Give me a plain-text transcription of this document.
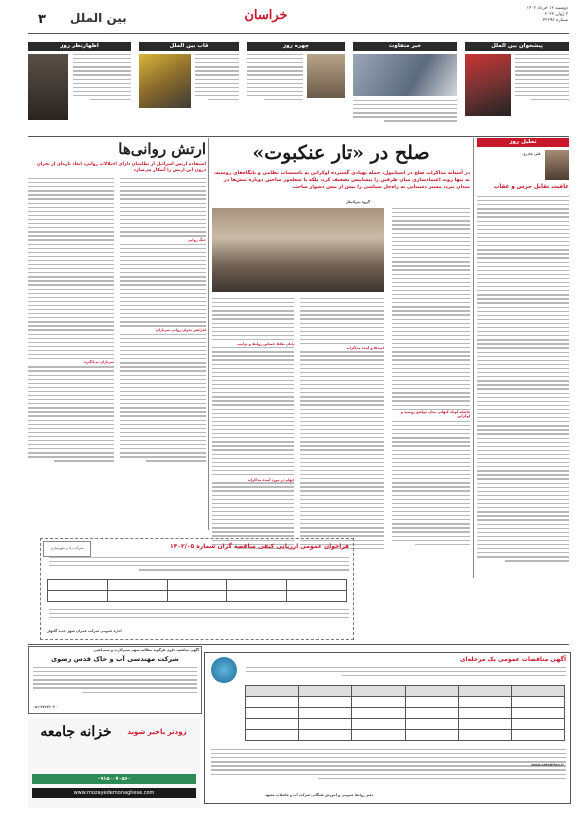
۳ بین الملل	خراسان	دوشنبه ۱۲ خرداد ۱۴۰۲
۲ ژوئن ۲۰۲۳
شماره ۴۲۶۹۸
پیشخوان بین الملل
خبر متفاوت
چهره روز
قاب بین الملل
اظهارنظر روز
تحلیل روز
علی قادری
عاقبت تقابل خرس و عقاب
صلح در «تار عنکبوت»
در آستانه مذاکرات صلح در استانبول، حمله پهپادی گسترده اوکراین به تاسیسات نظامی و پایگاه‌های روسیه، نه تنها روند اعتمادسازی میان طرفین را پیشاپیش تضعیف کرد، بلکه با شعله‌ور ساختن دوباره تنش‌ها در میدان نبرد، مسیر دستیابی به راه‌حل سیاسی را بیش از پیش دشوار ساخت
گروه بین‌الملل
فاصله کوتاه کیهانی میان مواضع روسیه و اوکراین
امیدها و آینده مذاکرات
پایان نقاط حساس روابط و ترامپ
ابهام در مورد آینده مذاکرات
ارتش روانی‌ها
استفاده ارتش اسرائیل از نظامیان دارای اختلالات روانی، ابعاد تازه‌ای از بحران درون این ارتش را آشکار می‌سازد
جنگ روانی
افزایش بحران روانی سربازان
سربازان بی‌انگیزه
شرکت زاد و شهرسازی	فراخوان عمومی ارزیابی کیفی مناقصه گران شماره ۱۴۰۲/۰۵

اداره عمومی شرکت عمران شهر جدید گلبهار
آگهی مناقصات عمومی یک مرحله‌ای

www.setadiran.ir
دفتر روابط عمومی و آموزش همگانی شرکت آب و فاضلاب مشهد
آگهی مناقصه حاوی هرگونه مطالبه مبهم سیم‌کارت و سیم‌کشی
شرکت مهندسی آب و خاک قدس رضوی
۰۵۱-۳۷۶۴۶۰۳۰
خزانه جامعه	زودتر باخبر شوید
۰۹۱۵۰۰۷۰۵۶۰
www.mozayedemonaghese.com
